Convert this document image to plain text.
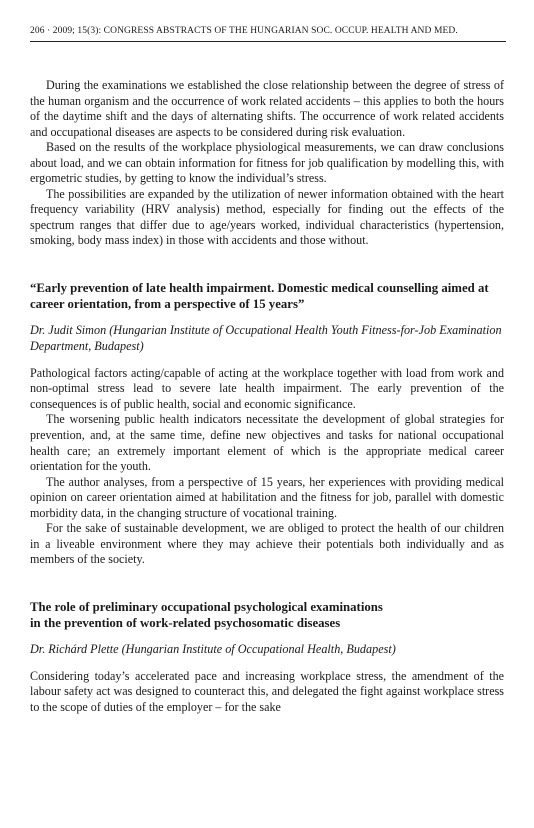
206 · 2009; 15(3): CONGRESS ABSTRACTS OF THE HUNGARIAN SOC. OCCUP. HEALTH AND MED.

During the examinations we established the close relationship between the degree of stress of the human organism and the occurrence of work related accidents – this applies to both the hours of the daytime shift and the days of alternating shifts. The occurrence of work related accidents and occupational diseases are aspects to be considered during risk evaluation.

Based on the results of the workplace physiological measurements, we can draw conclusions about load, and we can obtain information for fitness for job qualification by modelling this, with ergometric studies, by getting to know the individual’s stress.

The possibilities are expanded by the utilization of newer information obtained with the heart frequency variability (HRV analysis) method, especially for finding out the effects of the spectrum ranges that differ due to age/years worked, individual characteristics (hypertension, smoking, body mass index) in those with accidents and those without.

“Early prevention of late health impairment. Domestic medical counselling aimed at career orientation, from a perspective of 15 years”
Dr. Judit Simon (Hungarian Institute of Occupational Health Youth Fitness-for-Job Examination Department, Budapest)

Pathological factors acting/capable of acting at the workplace together with load from work and non-optimal stress lead to severe late health impairment. The early prevention of the consequences is of public health, social and economic significance.

The worsening public health indicators necessitate the development of global strategies for prevention, and, at the same time, define new objectives and tasks for national occupational health care; an extremely important element of which is the appropriate medical career orientation for the youth.

The author analyses, from a perspective of 15 years, her experiences with providing medical opinion on career orientation aimed at habilitation and the fitness for job, parallel with domestic morbidity data, in the changing structure of vocational training.

For the sake of sustainable development, we are obliged to protect the health of our children in a liveable environment where they may achieve their potentials both individually and as members of the society.

The role of preliminary occupational psychological examinations
in the prevention of work-related psychosomatic diseases
Dr. Richárd Plette (Hungarian Institute of Occupational Health, Budapest)

Considering today’s accelerated pace and increasing workplace stress, the amendment of the labour safety act was designed to counteract this, and delegated the fight against workplace stress to the scope of duties of the employer – for the sake
